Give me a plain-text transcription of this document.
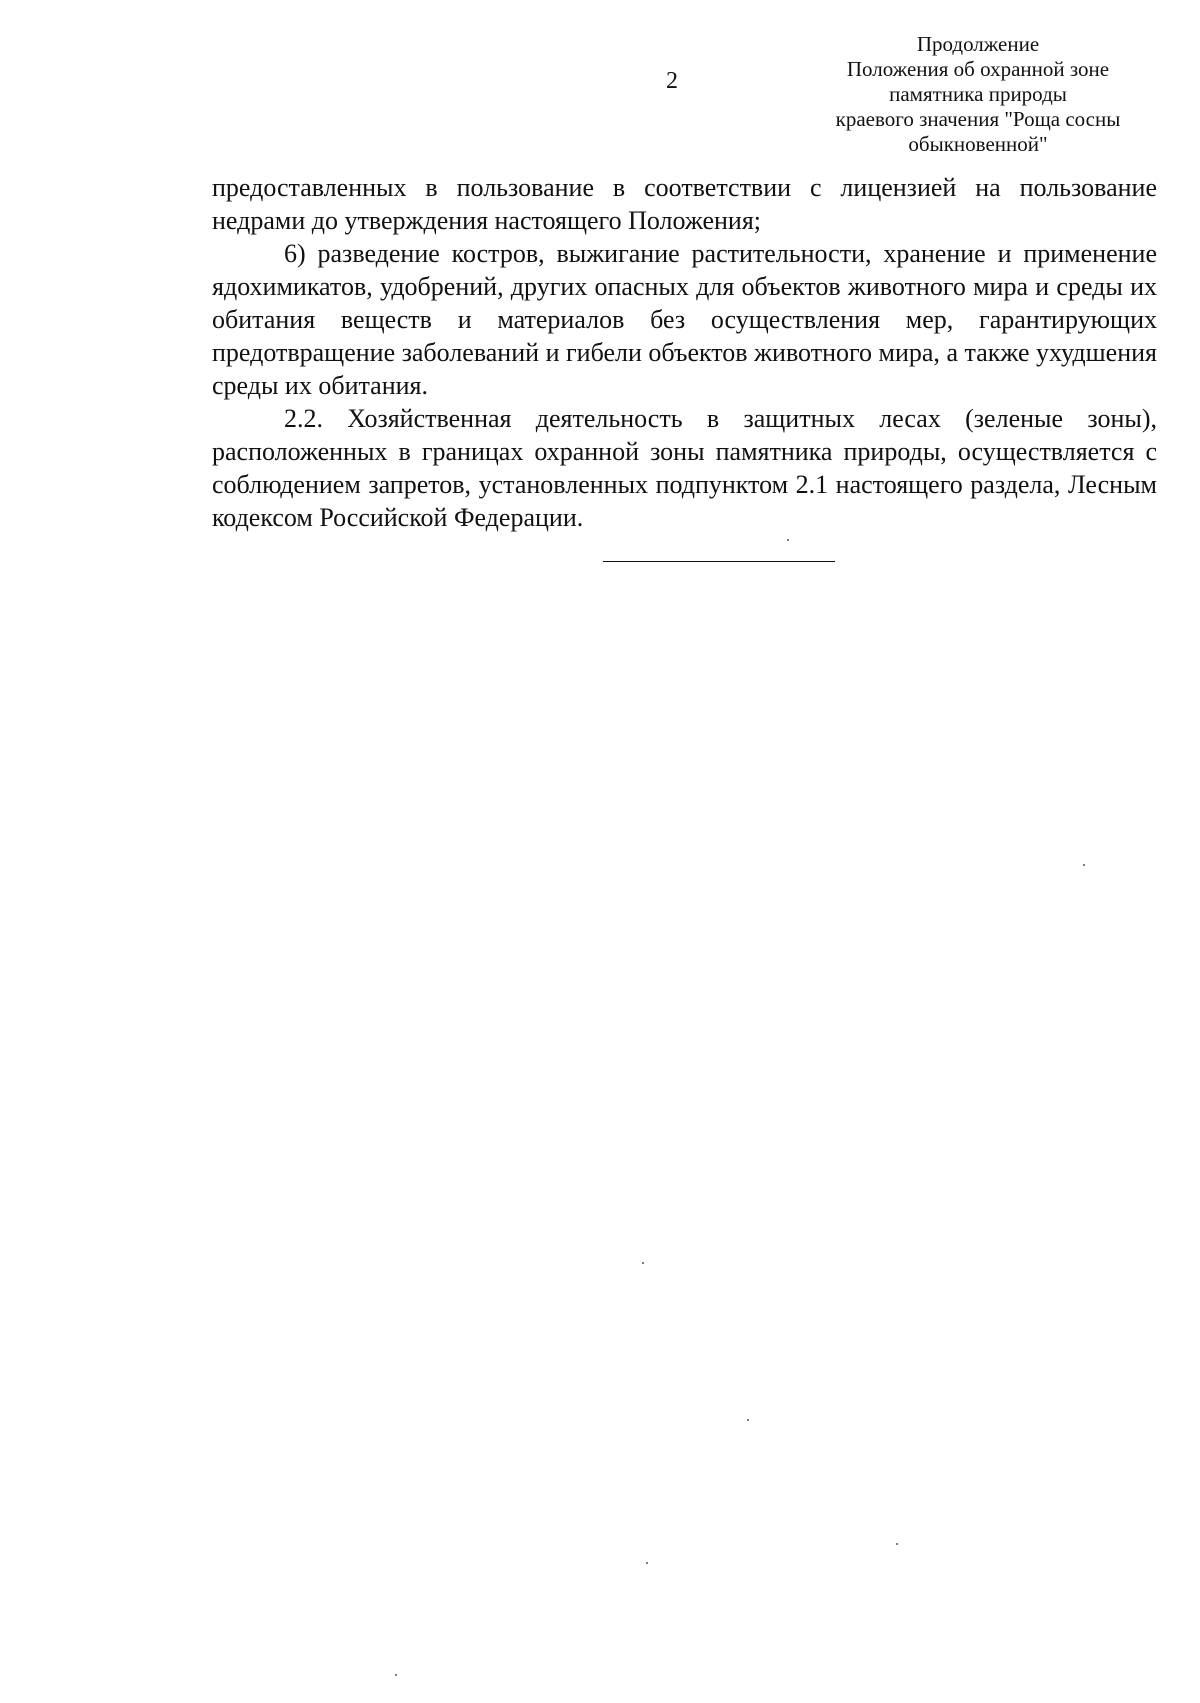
2
Продолжение
Положения об охранной зоне
памятника природы
краевого значения "Роща сосны
обыкновенной"

предоставленных в пользование в соответствии с лицензией на пользование недрами до утверждения настоящего Положения;

6) разведение костров, выжигание растительности, хранение и применение ядохимикатов, удобрений, других опасных для объектов животного мира и среды их обитания веществ и материалов без осуществления мер, гарантирующих предотвращение заболеваний и гибели объектов животного мира, а также ухудшения среды их обитания.

2.2. Хозяйственная деятельность в защитных лесах (зеленые зоны), расположенных в границах охранной зоны памятника природы, осуществляется с соблюдением запретов, установленных подпунктом 2.1 настоящего раздела, Лесным кодексом Российской Федерации.
